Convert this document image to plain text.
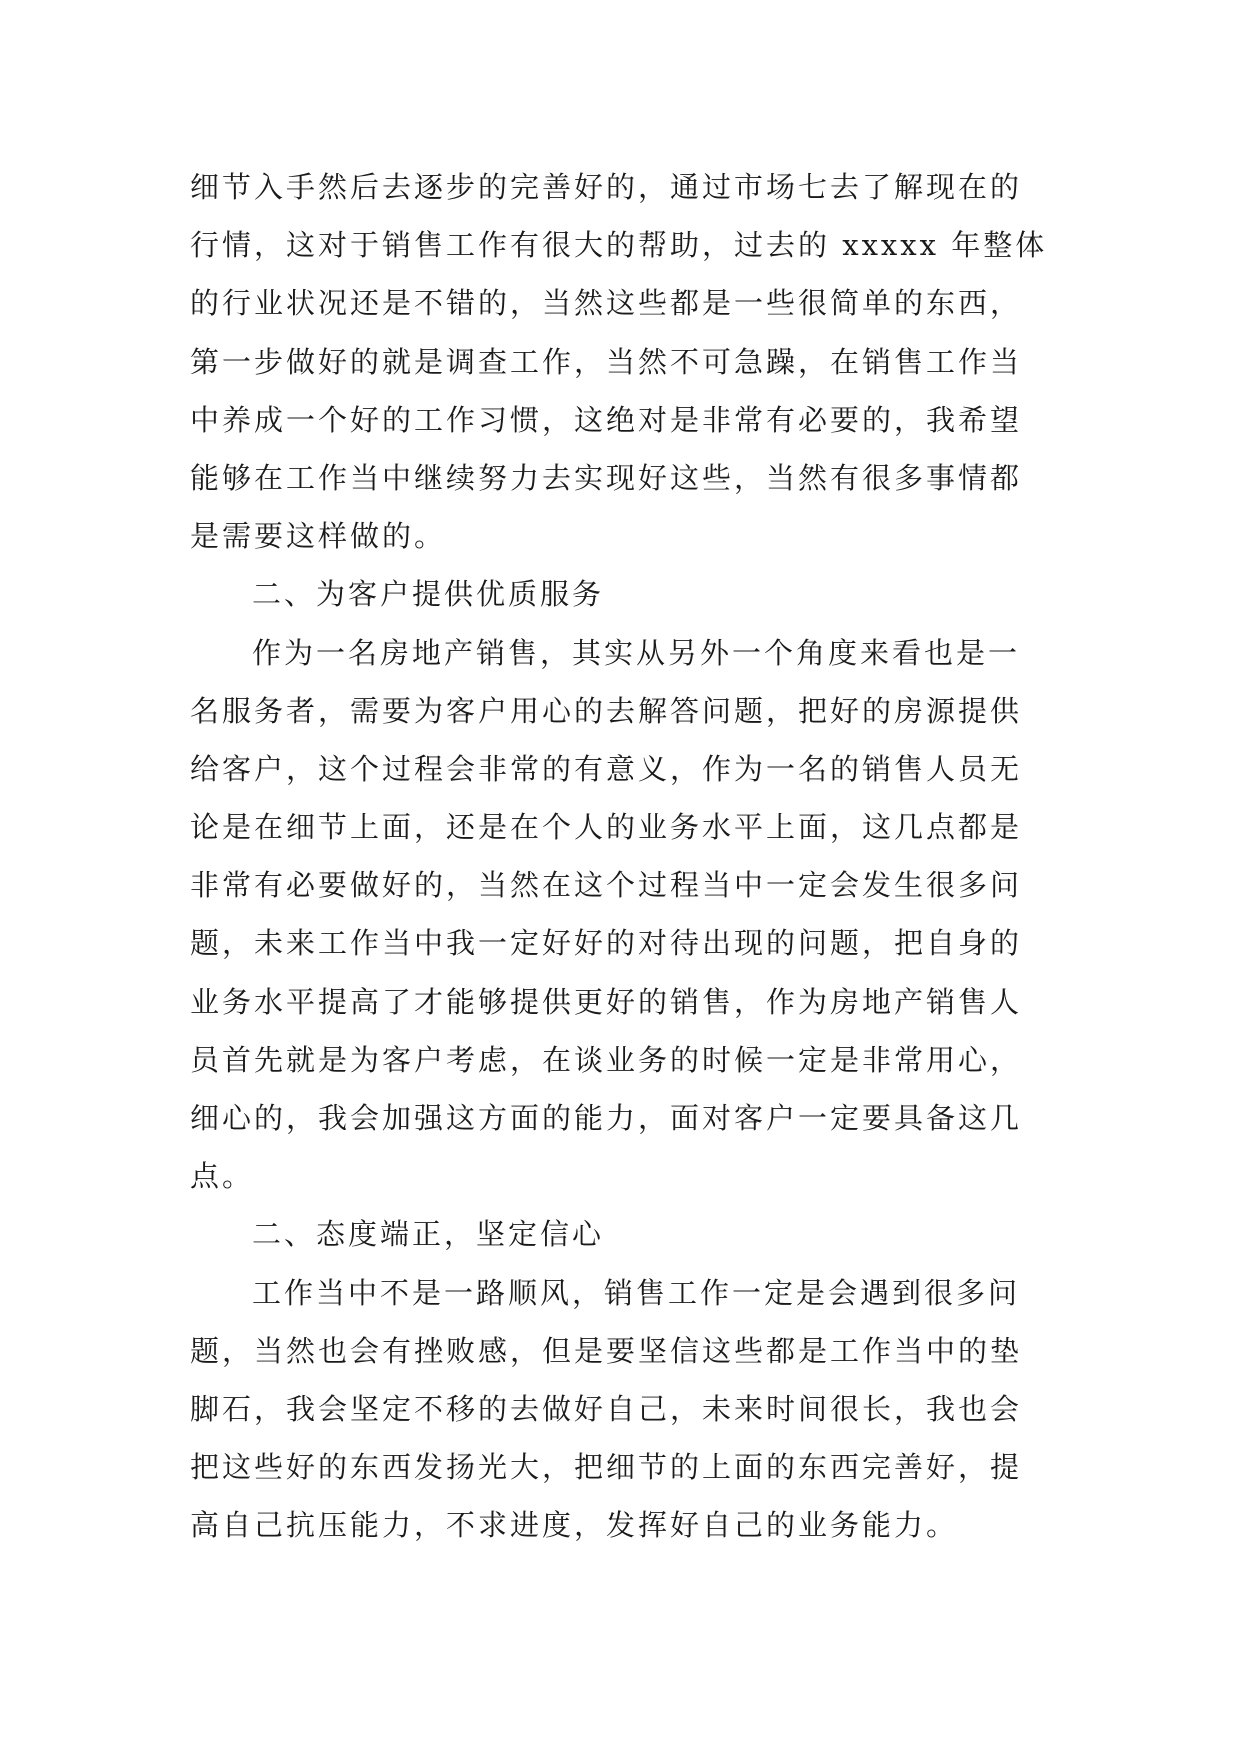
细节入手然后去逐步的完善好的，通过市场七去了解现在的
行情，这对于销售工作有很大的帮助，过去的 xxxxx 年整体
的行业状况还是不错的，当然这些都是一些很简单的东西，
第一步做好的就是调查工作，当然不可急躁，在销售工作当
中养成一个好的工作习惯，这绝对是非常有必要的，我希望
能够在工作当中继续努力去实现好这些，当然有很多事情都
是需要这样做的。
二、为客户提供优质服务
作为一名房地产销售，其实从另外一个角度来看也是一
名服务者，需要为客户用心的去解答问题，把好的房源提供
给客户，这个过程会非常的有意义，作为一名的销售人员无
论是在细节上面，还是在个人的业务水平上面，这几点都是
非常有必要做好的，当然在这个过程当中一定会发生很多问
题，未来工作当中我一定好好的对待出现的问题，把自身的
业务水平提高了才能够提供更好的销售，作为房地产销售人
员首先就是为客户考虑，在谈业务的时候一定是非常用心，
细心的，我会加强这方面的能力，面对客户一定要具备这几
点。
二、态度端正，坚定信心
工作当中不是一路顺风，销售工作一定是会遇到很多问
题，当然也会有挫败感，但是要坚信这些都是工作当中的垫
脚石，我会坚定不移的去做好自己，未来时间很长，我也会
把这些好的东西发扬光大，把细节的上面的东西完善好，提
高自己抗压能力，不求进度，发挥好自己的业务能力。
